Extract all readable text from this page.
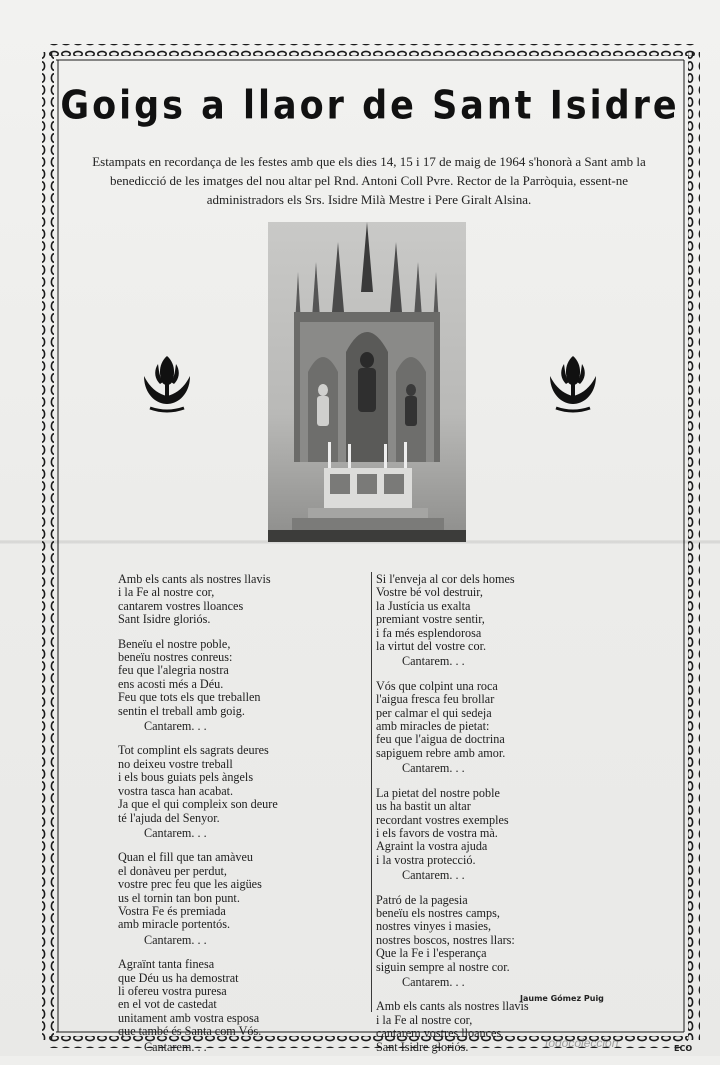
Goigs a llaor de Sant Isidre
Estampats en recordança de les festes amb que els dies 14, 15 i 17 de maig de 1964 s'honorà a Sant amb la benedicció de les imatges del nou altar pel Rnd. Antoni Coll Pvre. Rector de la Parròquia, essent-ne administradors els Srs. Isidre Milà Mestre i Pere Giralt Alsina.
Amb els cants als nostres llavis
i la Fe al nostre cor,
cantarem vostres lloances
Sant Isidre gloriós.
Beneïu el nostre poble,
beneïu nostres conreus:
feu que l'alegria nostra
ens acosti més a Déu.
Feu que tots els que treballen
sentin el treball amb goig.
Cantarem. . .
Tot complint els sagrats deures
no deixeu vostre treball
i els bous guiats pels àngels
vostra tasca han acabat.
Ja que el qui compleix son deure
té l'ajuda del Senyor.
Cantarem. . .
Quan el fill que tan amàveu
el donàveu per perdut,
vostre prec feu que les aigües
us el tornin tan bon punt.
Vostra Fe és premiada
amb miracle portentós.
Cantarem. . .
Agraïnt tanta finesa
que Déu us ha demostrat
li ofereu vostra puresa
en el vot de castedat
unitament amb vostra esposa
que també és Santa com Vós.
Cantarem. . .
Si l'enveja al cor dels homes
Vostre bé vol destruir,
la Justícia us exalta
premiant vostre sentir,
i fa més esplendorosa
la virtut del vostre cor.
Cantarem. . .
Vós que colpint una roca
l'aigua fresca feu brollar
per calmar el qui sedeja
amb miracles de pietat:
feu que l'aigua de doctrina
sapiguem rebre amb amor.
Cantarem. . .
La pietat del nostre poble
us ha bastit un altar
recordant vostres exemples
i els favors de vostra mà.
Agraint la vostra ajuda
i la vostra protecció.
Cantarem. . .
Patró de la pagesia
beneïu els nostres camps,
nostres vinyes i masies,
nostres boscos, nostres llars:
Que la Fe i l'esperança
siguin sempre al nostre cor.
Cantarem. . .
Amb els cants als nostres llavis
i la Fe al nostre cor,
cantarem vostres lloances
Sant Isidre gloriós.
Jaume Gómez Puig
todocoleccion	ECO
